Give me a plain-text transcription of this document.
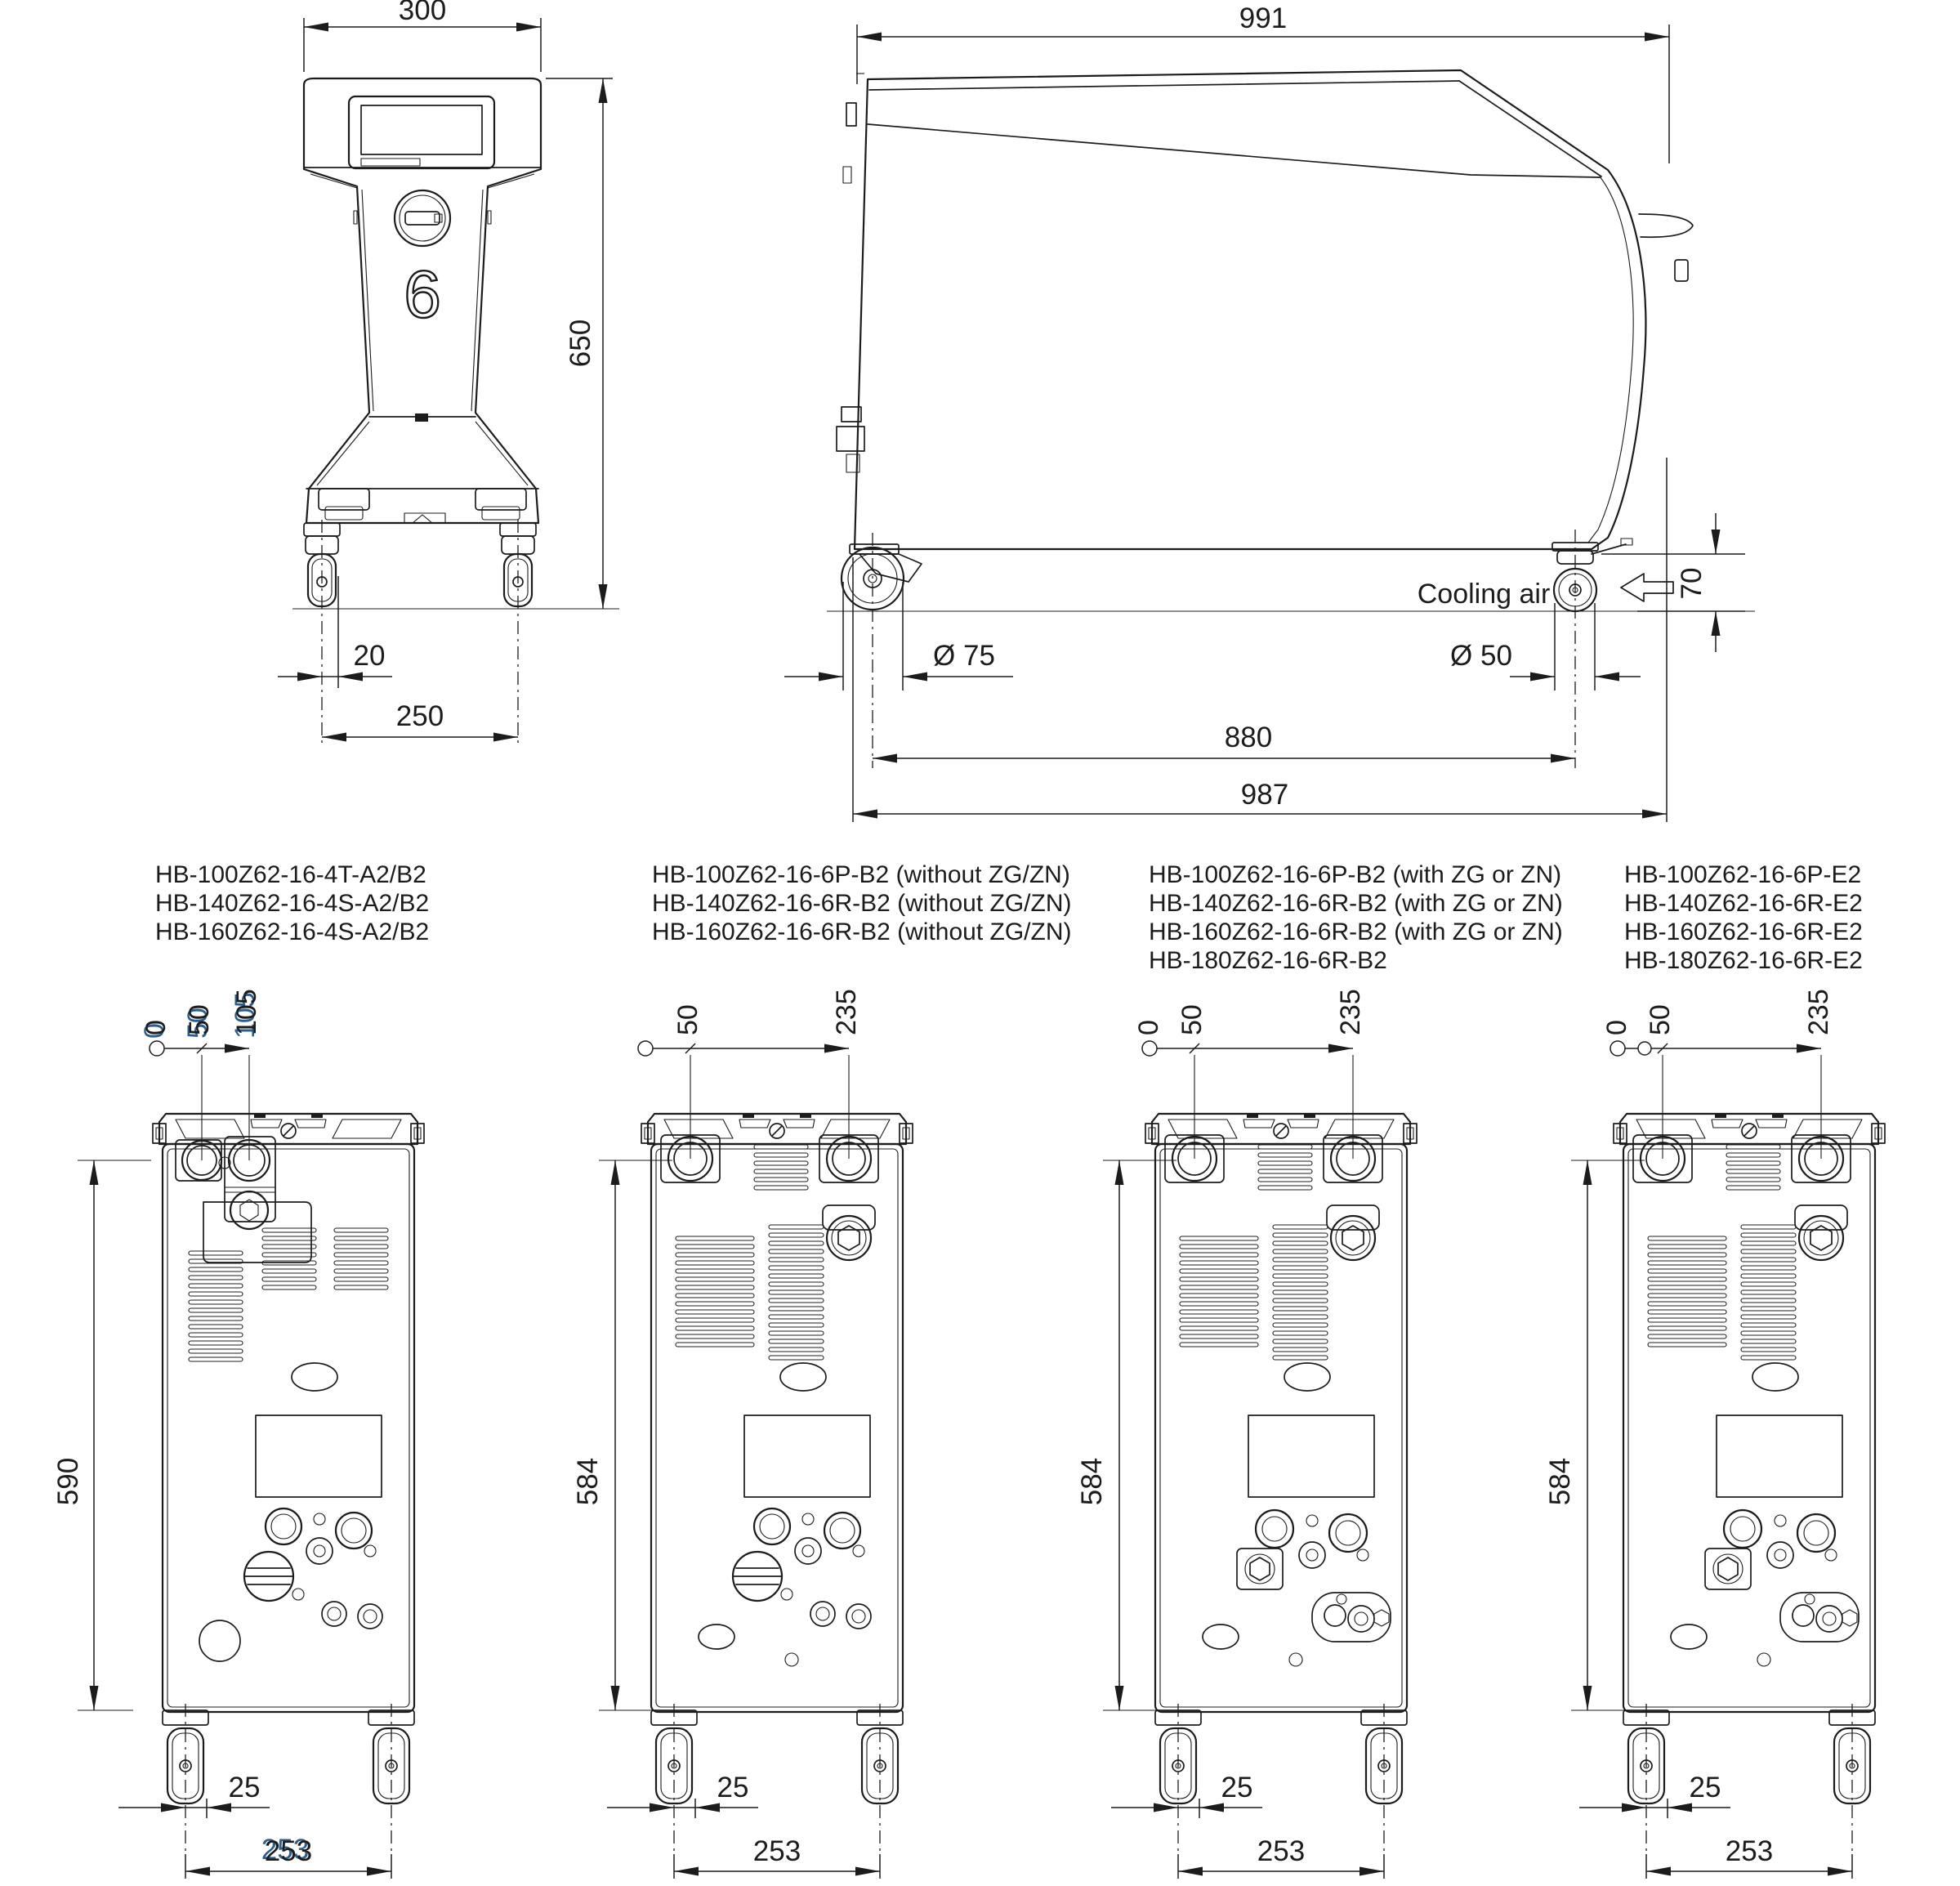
300
650
6
20
250
991
Cooling air	70
Ø 75	Ø 50
880
987
HB-100Z62-16-4T-A2/B2
HB-140Z62-16-4S-A2/B2
HB-160Z62-16-4S-A2/B2
HB-100Z62-16-6P-B2 (without ZG/ZN)
HB-140Z62-16-6R-B2 (without ZG/ZN)
HB-160Z62-16-6R-B2 (without ZG/ZN)
HB-100Z62-16-6P-B2 (with ZG or ZN)
HB-140Z62-16-6R-B2 (with ZG or ZN)
HB-160Z62-16-6R-B2 (with ZG or ZN)
HB-180Z62-16-6R-B2
HB-100Z62-16-6P-E2
HB-140Z62-16-6R-E2
HB-160Z62-16-6R-E2
HB-180Z62-16-6R-E2
0 50 105
590
25
253
50	235
584
25
253
0 50	235
584
25
253
0 50	235
584
25
253
